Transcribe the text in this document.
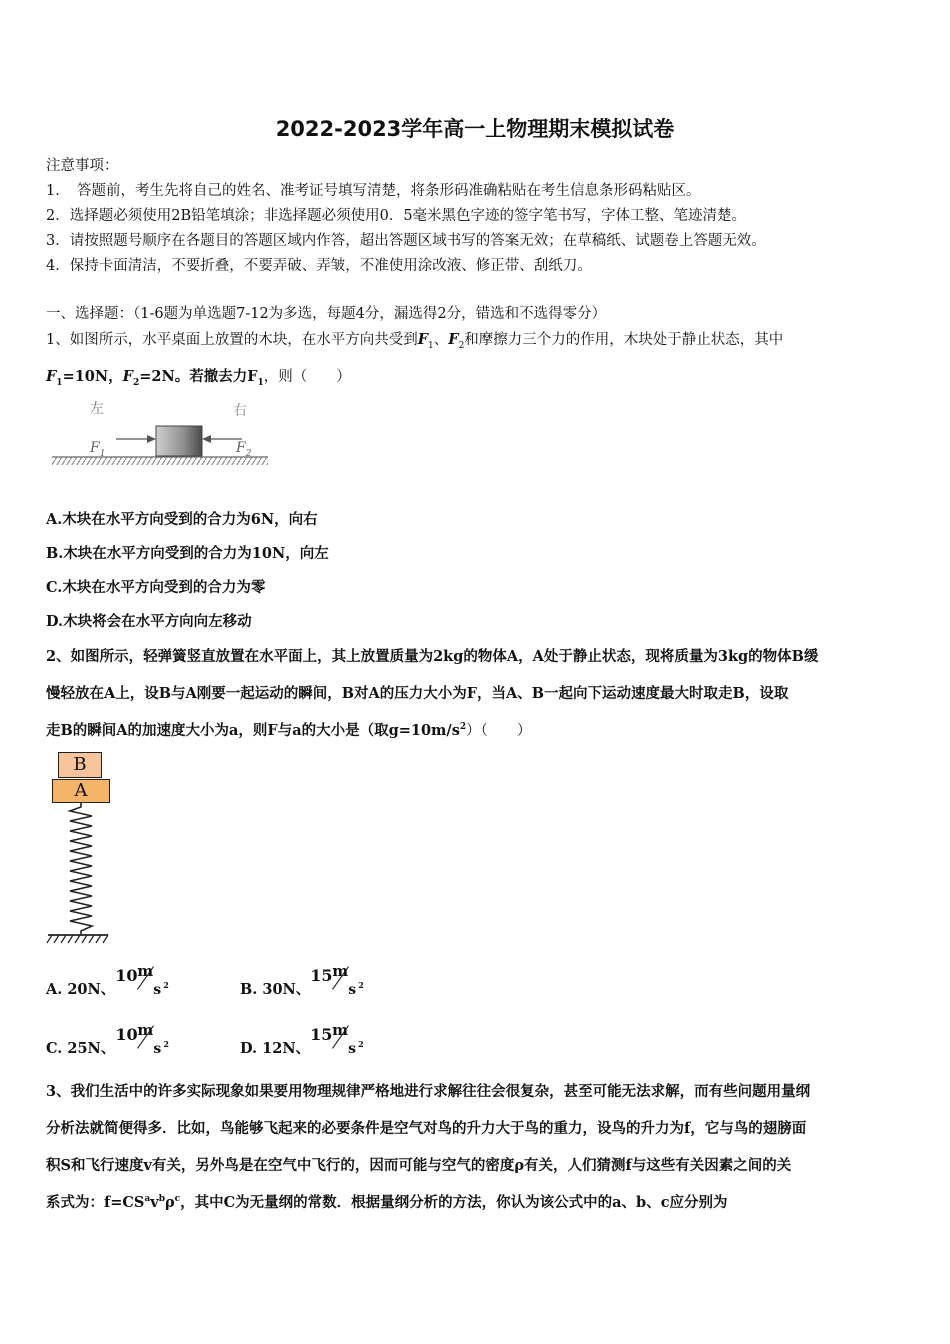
2022-2023学年高一上物理期末模拟试卷
注意事项：
1．　答题前，考生先将自己的姓名、准考证号填写清楚，将条形码准确粘贴在考生信息条形码粘贴区。
2．选择题必须使用2B铅笔填涂；非选择题必须使用0．5毫米黑色字迹的签字笔书写，字体工整、笔迹清楚。
3．请按照题号顺序在各题目的答题区域内作答，超出答题区域书写的答案无效；在草稿纸、试题卷上答题无效。
4．保持卡面清洁，不要折叠，不要弄破、弄皱，不准使用涂改液、修正带、刮纸刀。
一、选择题：（1-6题为单选题7-12为多选，每题4分，漏选得2分，错选和不选得零分）
1、如图所示，水平桌面上放置的木块，在水平方向共受到$F_1$、$F_2$和摩擦力三个力的作用，木块处于静止状态，其中
$F_1=10N$，$F_2=2N$。若撤去力$F_1$，则（　　）
左	右
$F_1$	$F_2$
A.木块在水平方向受到的合力为6N，向右
B.木块在水平方向受到的合力为10N，向左
C.木块在水平方向受到的合力为零
D.木块将会在水平方向向左移动
2、如图所示，轻弹簧竖直放置在水平面上，其上放置质量为2kg的物体A，A处于静止状态，现将质量为3kg的物体B缓
慢轻放在A上，设B与A刚要一起运动的瞬间，B对A的压力大小为F，当A、B一起向下运动速度最大时取走B，设取
走B的瞬间A的加速度大小为a，则F与a的大小是（取$g=10m/s^2$）（　　）
B
A
A. 20N、
10 m
s 2	B. 30N、
15 m
s 2
C. 25N、
10 m
s 2	D. 12N、
15 m
s 2
3、我们生活中的许多实际现象如果要用物理规律严格地进行求解往往会很复杂，甚至可能无法求解，而有些问题用量纲
分析法就简便得多．比如，鸟能够飞起来的必要条件是空气对鸟的升力大于鸟的重力，设鸟的升力为f，它与鸟的翅膀面
积S和飞行速度v有关，另外鸟是在空气中飞行的，因而可能与空气的密度ρ有关，人们猜测f与这些有关因素之间的关
系式为：$f=CS^av^b\rho^c$，其中C为无量纲的常数．根据量纲分析的方法，你认为该公式中的a、b、c应分别为
